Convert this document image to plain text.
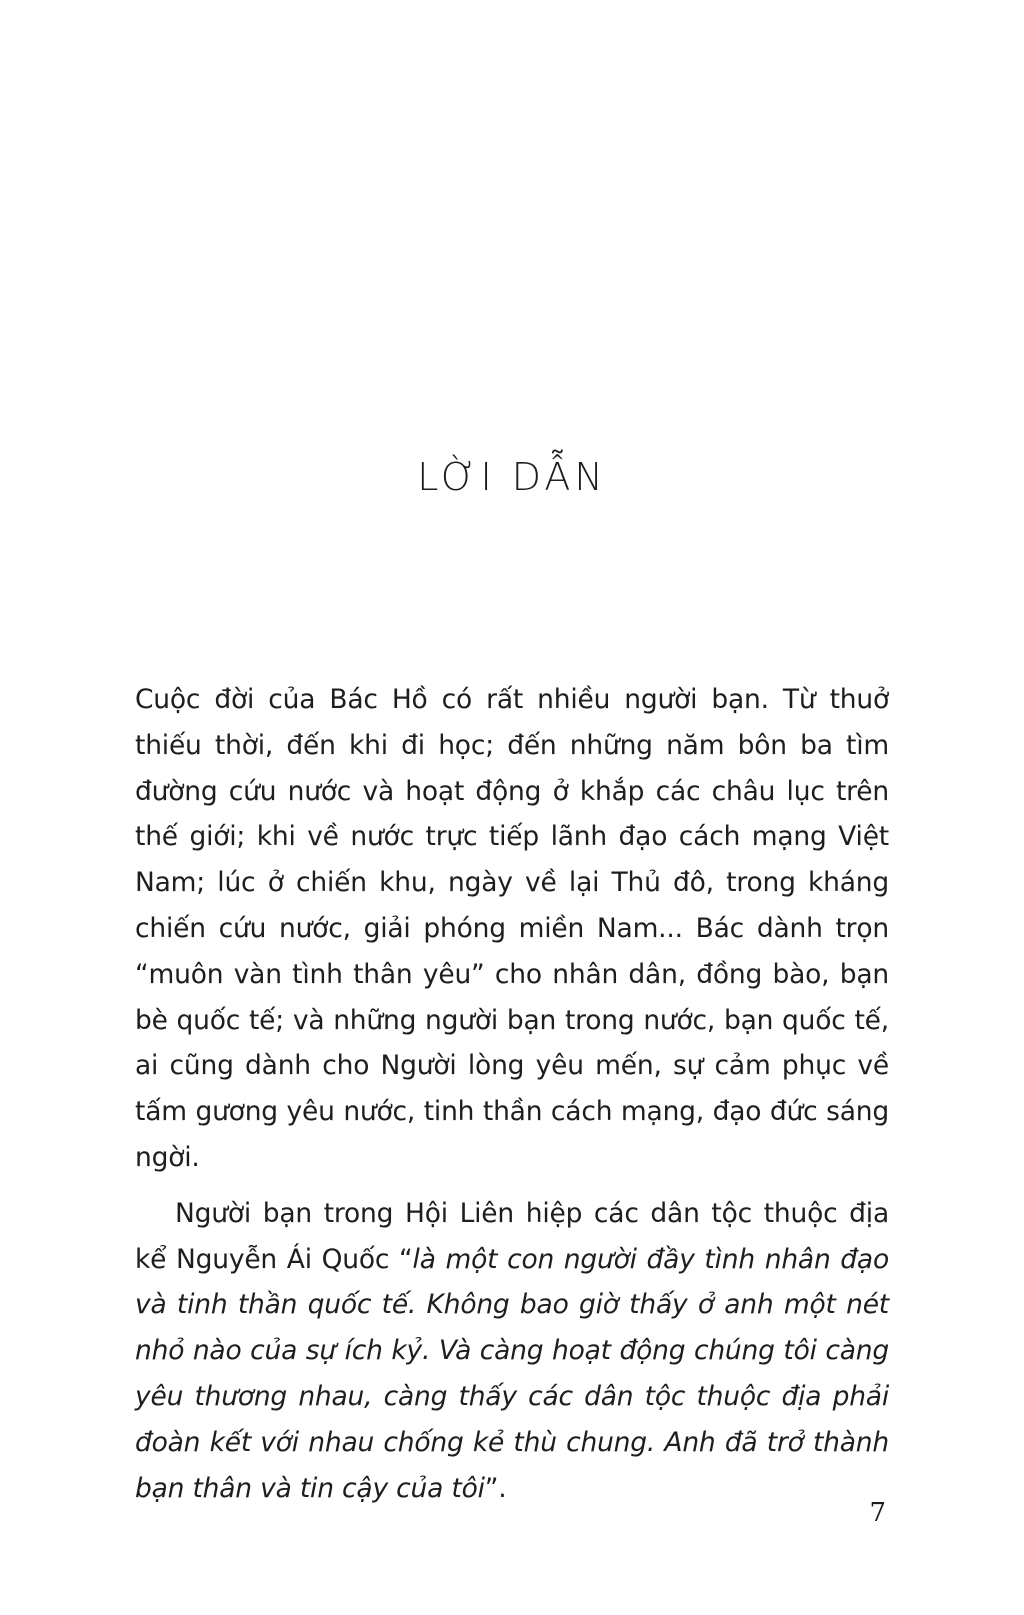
LỜI DẪN

Cuộc đời của Bác Hồ có rất nhiều người bạn. Từ thuở thiếu thời, đến khi đi học; đến những năm bôn ba tìm đường cứu nước và hoạt động ở khắp các châu lục trên thế giới; khi về nước trực tiếp lãnh đạo cách mạng Việt Nam; lúc ở chiến khu, ngày về lại Thủ đô, trong kháng chiến cứu nước, giải phóng miền Nam... Bác dành trọn “muôn vàn tình thân yêu” cho nhân dân, đồng bào, bạn bè quốc tế; và những người bạn trong nước, bạn quốc tế, ai cũng dành cho Người lòng yêu mến, sự cảm phục về tấm gương yêu nước, tinh thần cách mạng, đạo đức sáng ngời.

Người bạn trong Hội Liên hiệp các dân tộc thuộc địa kể Nguyễn Ái Quốc “là một con người đầy tình nhân đạo và tinh thần quốc tế. Không bao giờ thấy ở anh một nét nhỏ nào của sự ích kỷ. Và càng hoạt động chúng tôi càng yêu thương nhau, càng thấy các dân tộc thuộc địa phải đoàn kết với nhau chống kẻ thù chung. Anh đã trở thành bạn thân và tin cậy của tôi”.

7
